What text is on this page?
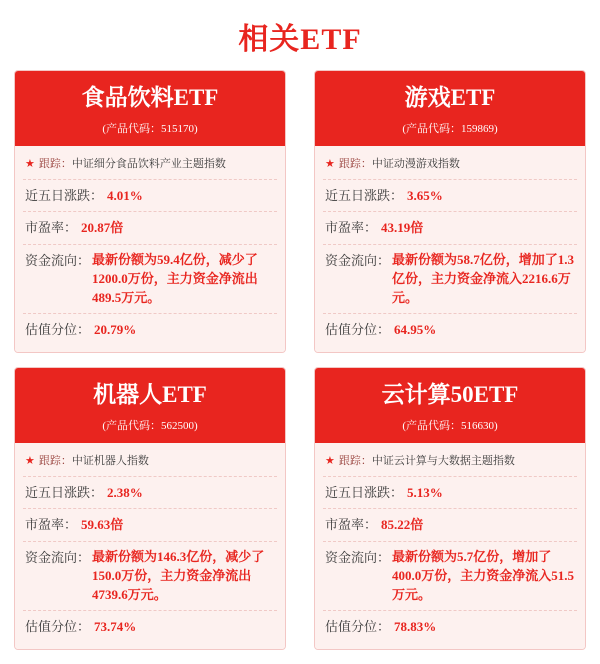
相关ETF
食品饮料ETF
(产品代码：515170)
★ 跟踪： 中证细分食品饮料产业主题指数
近五日涨跌： 4.01%
市盈率： 20.87倍
资金流向： 最新份额为59.4亿份，减少了1200.0万份，主力资金净流出489.5万元。
估值分位： 20.79%
游戏ETF
(产品代码：159869)
★ 跟踪： 中证动漫游戏指数
近五日涨跌： 3.65%
市盈率： 43.19倍
资金流向： 最新份额为58.7亿份，增加了1.3亿份，主力资金净流入2216.6万元。
估值分位： 64.95%
机器人ETF
(产品代码：562500)
★ 跟踪： 中证机器人指数
近五日涨跌： 2.38%
市盈率： 59.63倍
资金流向： 最新份额为146.3亿份，减少了150.0万份，主力资金净流出4739.6万元。
估值分位： 73.74%
云计算50ETF
(产品代码：516630)
★ 跟踪： 中证云计算与大数据主题指数
近五日涨跌： 5.13%
市盈率： 85.22倍
资金流向： 最新份额为5.7亿份，增加了400.0万份，主力资金净流入51.5万元。
估值分位： 78.83%
